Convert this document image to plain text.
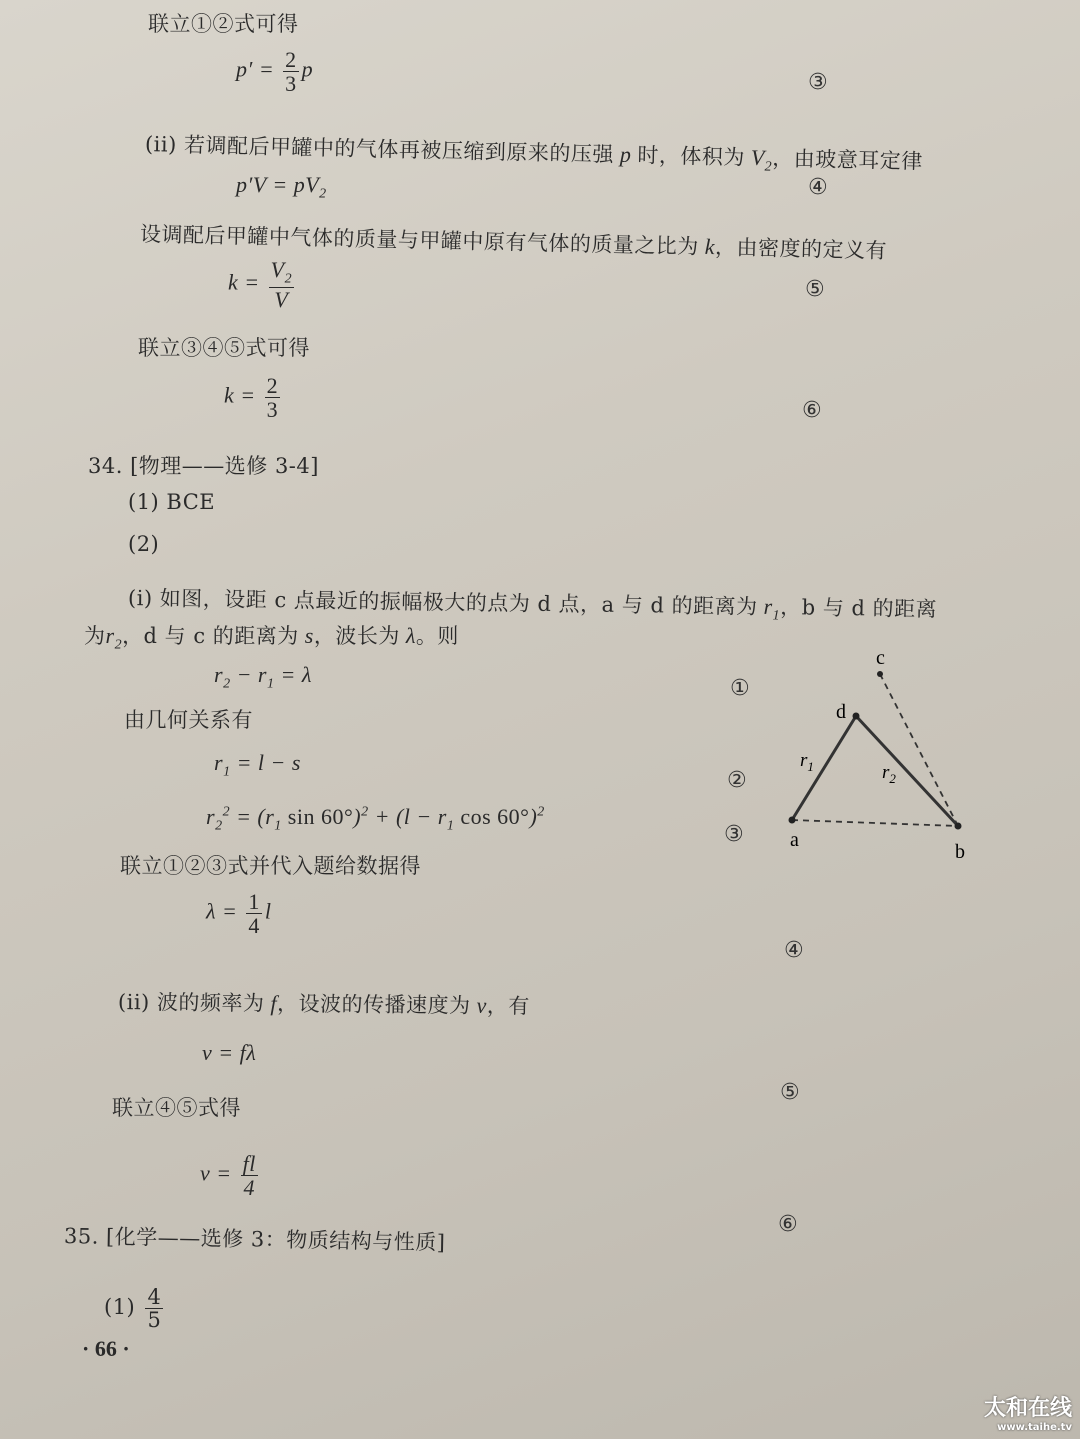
联立①②式可得
$p' = \frac{2}{3}$ p
③
(ii) 若调配后甲罐中的气体再被压缩到原来的压强 p 时，体积为 $V_2$，由玻意耳定律
$p'V = pV_2$	④
设调配后甲罐中气体的质量与甲罐中原有气体的质量之比为 k，由密度的定义有
$k = \frac{V_2}{V}$	⑤
联立③④⑤式可得
$k = \frac{2}{3}$	⑥
34. [物理——选修 3-4]
(1) BCE
(2)
(i) 如图，设距 c 点最近的振幅极大的点为 d 点，a 与 d 的距离为 $r_1$，b 与 d 的距离
为$r_2$，d 与 c 的距离为 s，波长为 λ。则
$r_2 - r_1 = \lambda$
①
由几何关系有
$r_1 = l - s$
②
$r_2^2 = (r_1$ $\sin 60^\circ)^2 + (l - r_1$ cos 60°)$^2$
③
联立①②③式并代入题给数据得
$\lambda = \frac{1}{4}$ l
④
(ii) 波的频率为 f，设波的传播速度为 v，有
v = fλ
⑤
联立④⑤式得
$v = \frac{fl}{4}$
⑥
35. [化学——选修 3：物质结构与性质]
$(1) \frac{4}{5}$
· 66 ·
a
b
c
d
$r_1$	$r_2$
太和在线
www.taihe.tv
